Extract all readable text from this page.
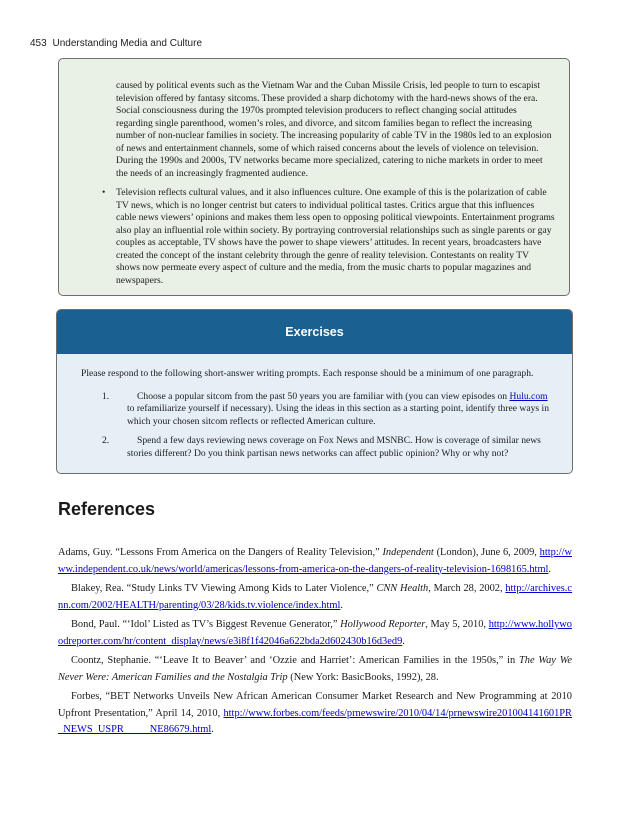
453 Understanding Media and Culture

caused by political events such as the Vietnam War and the Cuban Missile Crisis, led people to turn to escapist television offered by fantasy sitcoms. These provided a sharp dichotomy with the hard-news shows of the era. Social consciousness during the 1970s prompted television producers to reflect changing social attitudes regarding single parenthood, women’s roles, and divorce, and sitcom families began to reflect the increasing number of non-nuclear families in society. The increasing popularity of cable TV in the 1980s led to an explosion of news and entertainment channels, some of which raised concerns about the levels of violence on television. During the 1990s and 2000s, TV networks became more specialized, catering to niche markets in order to meet the needs of an increasingly fragmented audience.

• Television reflects cultural values, and it also influences culture. One example of this is the polarization of cable TV news, which is no longer centrist but caters to individual political tastes. Critics argue that this influences cable news viewers’ opinions and makes them less open to opposing political viewpoints. Entertainment programs also play an influential role within society. By portraying controversial relationships such as single parents or gay couples as acceptable, TV shows have the power to shape viewers’ attitudes. In recent years, broadcasters have created the concept of the instant celebrity through the genre of reality television. Contestants on reality TV shows now permeate every aspect of culture and the media, from the music charts to popular magazines and newspapers.
Exercises

Please respond to the following short-answer writing prompts. Each response should be a minimum of one paragraph.

1.	Choose a popular sitcom from the past 50 years you are familiar with (you can view episodes on Hulu.com to refamiliarize yourself if necessary). Using the ideas in this section as a starting point, identify three ways in which your chosen sitcom reflects or reflected American culture.
2.	Spend a few days reviewing news coverage on Fox News and MSNBC. How is coverage of similar news stories different? Do you think partisan news networks can affect public opinion? Why or why not?
References

Adams, Guy. “Lessons From America on the Dangers of Reality Television,” Independent (London), June 6, 2009, http://www.independent.co.uk/news/world/americas/lessons-from-america-on-the-dangers-of-reality-television-1698165.html.

Blakey, Rea. “Study Links TV Viewing Among Kids to Later Violence,” CNN Health, March 28, 2002, http://archives.cnn.com/2002/HEALTH/parenting/03/28/kids.tv.violence/index.html.

Bond, Paul. “‘Idol’ Listed as TV’s Biggest Revenue Generator,” Hollywood Reporter, May 5, 2010, http://www.hollywoodreporter.com/hr/content_display/news/e3i8f1f42046a622bda2d602430b16d3ed9.

Coontz, Stephanie. “‘Leave It to Beaver’ and ‘Ozzie and Harriet’: American Families in the 1950s,” in The Way We Never Were: American Families and the Nostalgia Trip (New York: BasicBooks, 1992), 28.

Forbes, “BET Networks Unveils New African American Consumer Market Research and New Programming at 2010 Upfront Presentation,” April 14, 2010, http://www.forbes.com/feeds/prnewswire/2010/04/14/prnewswire201004141601PR_NEWS_USPR_____NE86679.html.
